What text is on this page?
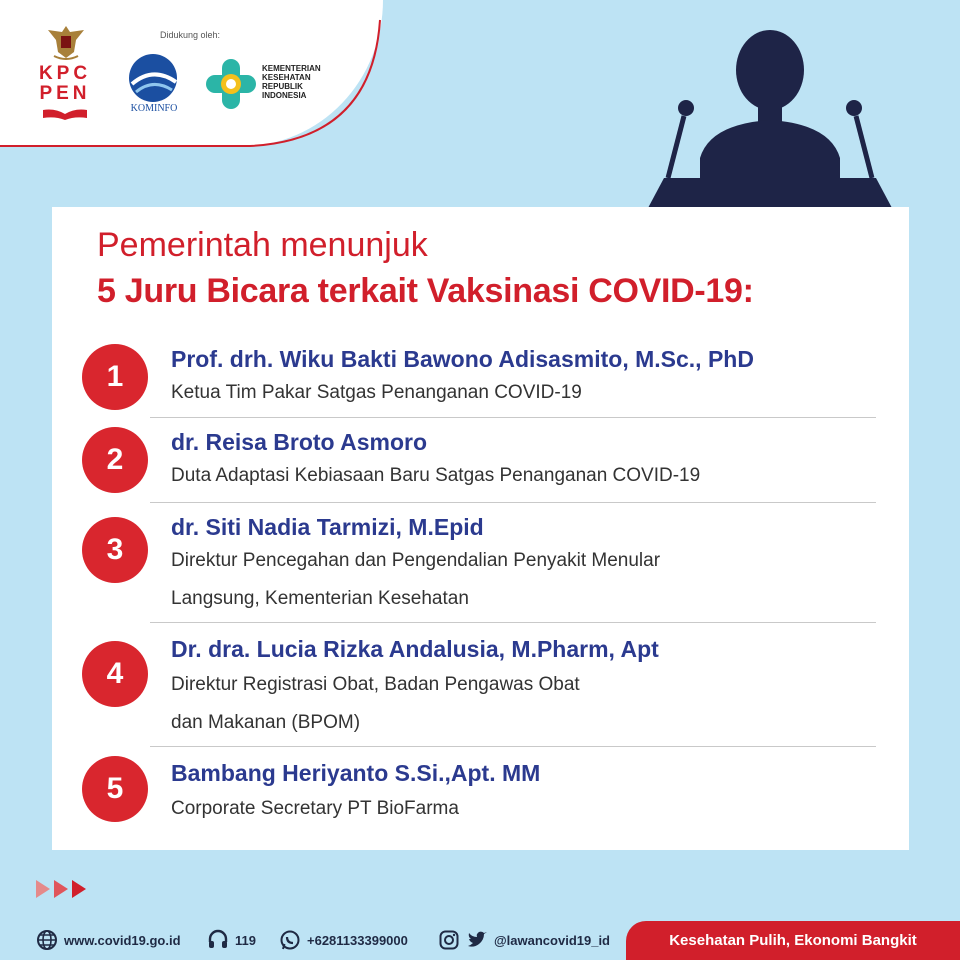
KPC
PEN
Didukung oleh:
KOMINFO
KEMENTERIAN
KESEHATAN
REPUBLIK
INDONESIA
Pemerintah menunjuk
5 Juru Bicara terkait Vaksinasi COVID-19:
1
Prof. drh. Wiku Bakti Bawono Adisasmito, M.Sc., PhD
Ketua Tim Pakar Satgas Penanganan COVID-19
2
dr. Reisa Broto Asmoro
Duta Adaptasi Kebiasaan Baru Satgas Penanganan COVID-19
3
dr. Siti Nadia Tarmizi, M.Epid
Direktur Pencegahan dan Pengendalian Penyakit Menular
Langsung, Kementerian Kesehatan
4
Dr. dra. Lucia Rizka Andalusia, M.Pharm, Apt
Direktur Registrasi Obat, Badan Pengawas Obat
dan Makanan (BPOM)
5	Bambang Heriyanto S.Si.,Apt. MM
Corporate Secretary PT BioFarma
www.covid19.go.id	119	+6281133399000	@lawancovid19_id	Kesehatan Pulih, Ekonomi Bangkit
